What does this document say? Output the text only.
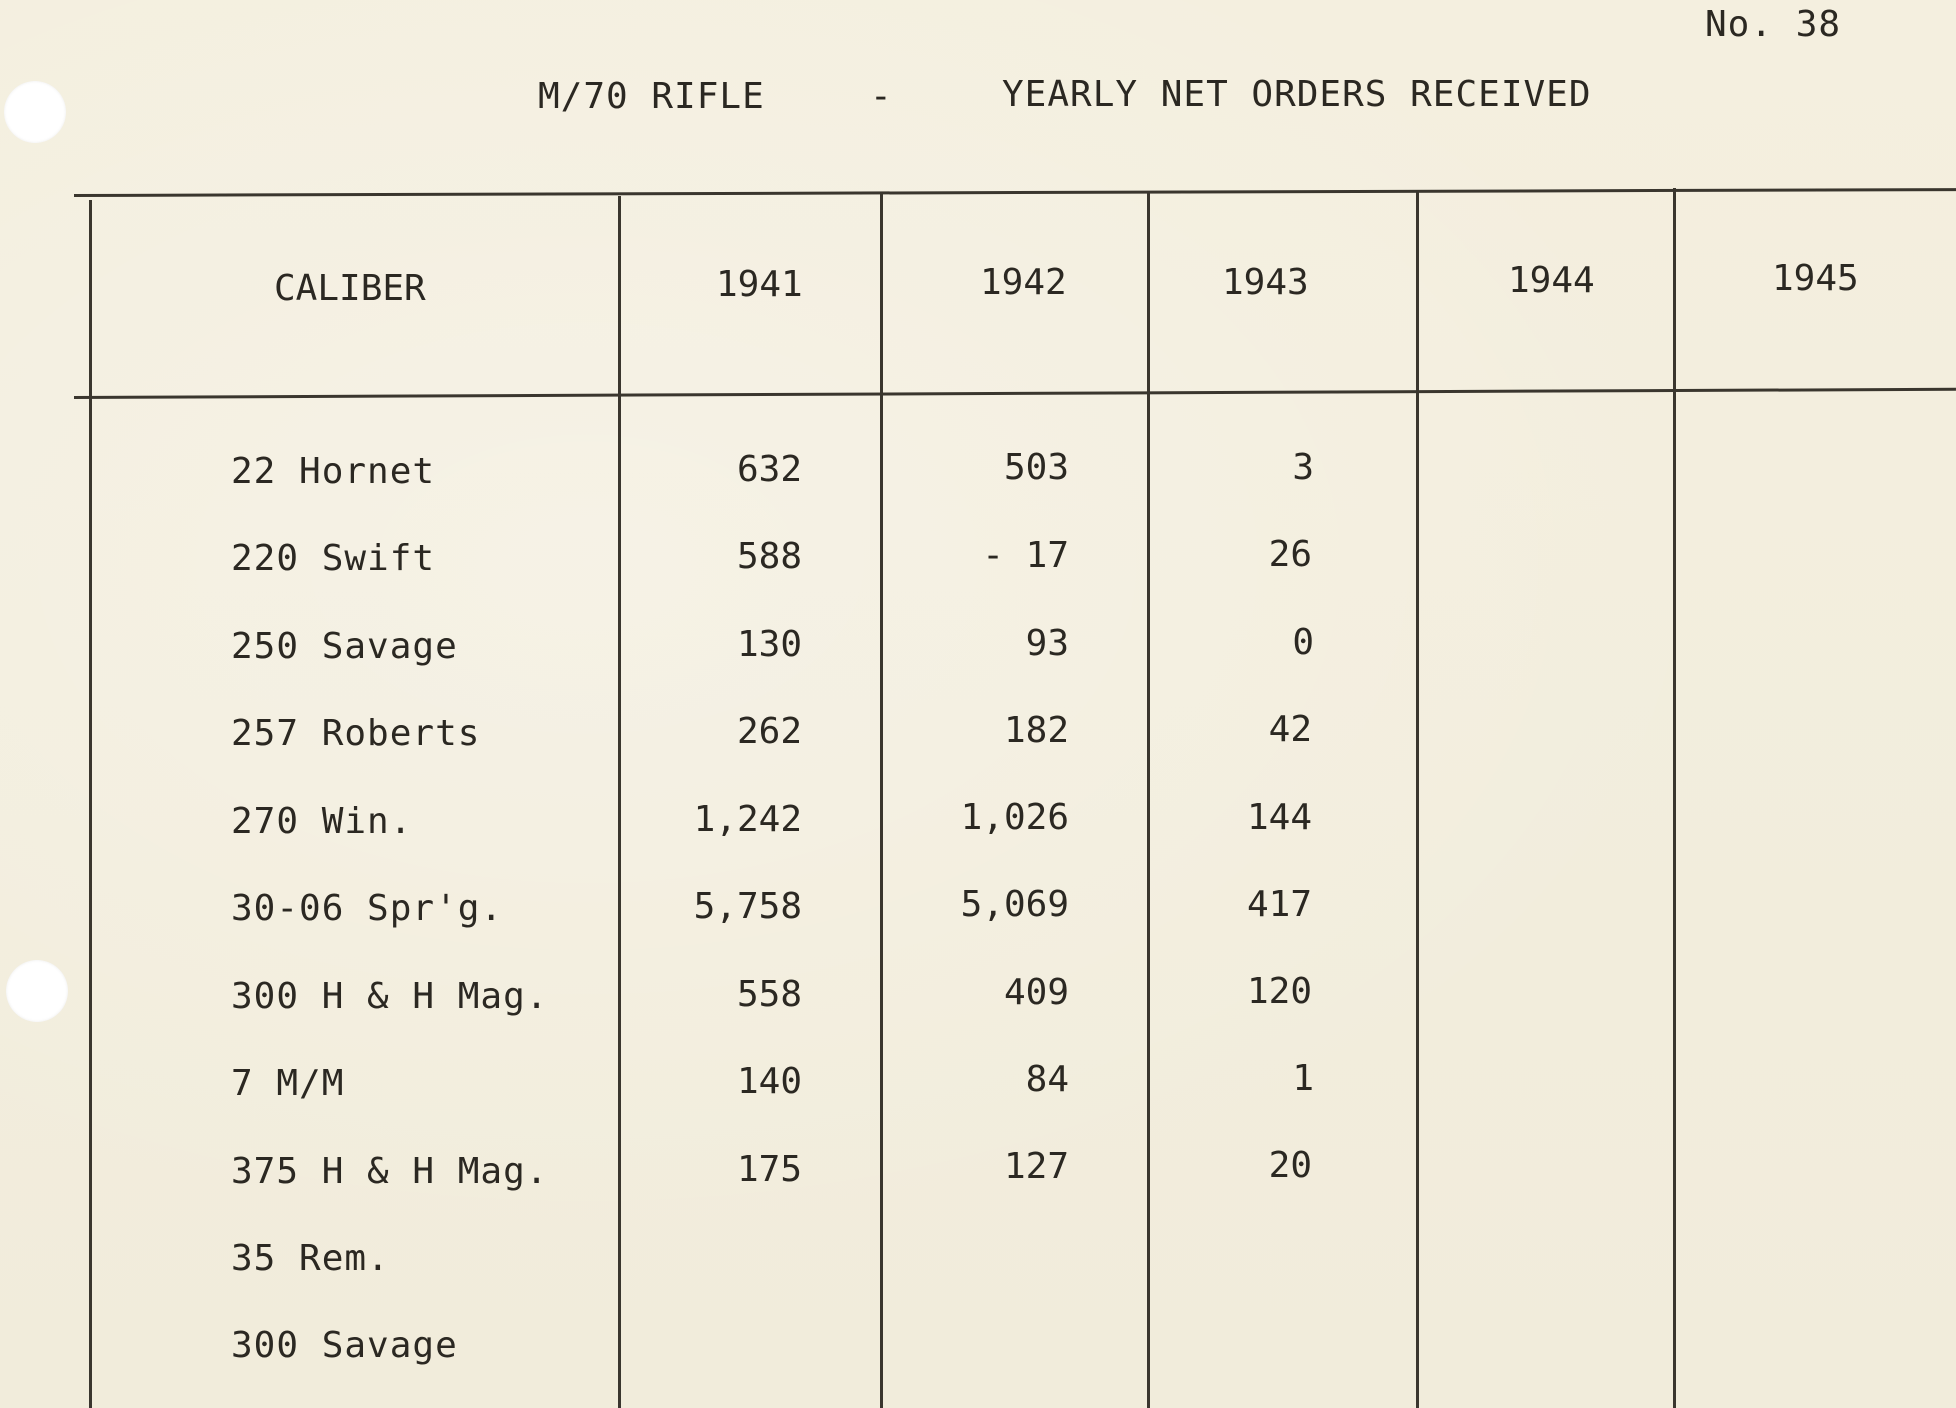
No. 38
M/70 RIFLE	-	YEARLY NET ORDERS RECEIVED
CALIBER	1941	1942	1943	1944	1945
22 Hornet	632	503	3
220 Swift	588	- 17	26
250 Savage	130	93	0
257 Roberts	262	182	42
270 Win.	1,242	1,026	144
30-06 Spr'g.	5,758	5,069	417
300 H & H Mag.	558	409	120
7 M/M	140	84	1
375 H & H Mag.	175	127	20
35 Rem.
300 Savage
